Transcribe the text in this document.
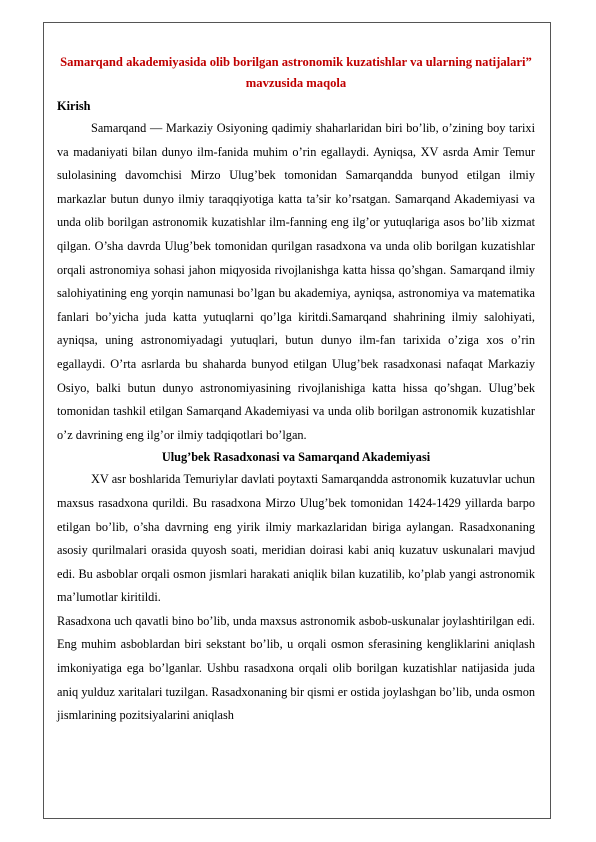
Samarqand akademiyasida olib borilgan astronomik kuzatishlar va ularning natijalari” mavzusida maqola
Kirish

Samarqand — Markaziy Osiyoning qadimiy shaharlaridan biri bo’lib, o’zining boy tarixi va madaniyati bilan dunyo ilm-fanida muhim o’rin egallaydi. Ayniqsa, XV asrda Amir Temur sulolasining davomchisi Mirzo Ulug’bek tomonidan Samarqandda bunyod etilgan ilmiy markazlar butun dunyo ilmiy taraqqiyotiga katta ta’sir ko’rsatgan. Samarqand Akademiyasi va unda olib borilgan astronomik kuzatishlar ilm-fanning eng ilg’or yutuqlariga asos bo’lib xizmat qilgan. O’sha davrda Ulug’bek tomonidan qurilgan rasadxona va unda olib borilgan kuzatishlar orqali astronomiya sohasi jahon miqyosida rivojlanishga katta hissa qo’shgan. Samarqand ilmiy salohiyatining eng yorqin namunasi bo’lgan bu akademiya, ayniqsa, astronomiya va matematika fanlari bo’yicha juda katta yutuqlarni qo’lga kiritdi.Samarqand shahrining ilmiy salohiyati, ayniqsa, uning astronomiyadagi yutuqlari, butun dunyo ilm-fan tarixida o’ziga xos o’rin egallaydi. O’rta asrlarda bu shaharda bunyod etilgan Ulug’bek rasadxonasi nafaqat Markaziy Osiyo, balki butun dunyo astronomiyasining rivojlanishiga katta hissa qo’shgan. Ulug’bek tomonidan tashkil etilgan Samarqand Akademiyasi va unda olib borilgan astronomik kuzatishlar o’z davrining eng ilg’or ilmiy tadqiqotlari bo’lgan.

Ulug’bek Rasadxonasi va Samarqand Akademiyasi

XV asr boshlarida Temuriylar davlati poytaxti Samarqandda astronomik kuzatuvlar uchun maxsus rasadxona qurildi. Bu rasadxona Mirzo Ulug’bek tomonidan 1424-1429 yillarda barpo etilgan bo’lib, o’sha davrning eng yirik ilmiy markazlaridan biriga aylangan. Rasadxonaning asosiy qurilmalari orasida quyosh soati, meridian doirasi kabi aniq kuzatuv uskunalari mavjud edi. Bu asboblar orqali osmon jismlari harakati aniqlik bilan kuzatilib, ko’plab yangi astronomik ma’lumotlar kiritildi.

Rasadxona uch qavatli bino bo’lib, unda maxsus astronomik asbob-uskunalar joylashtirilgan edi. Eng muhim asboblardan biri sekstant bo’lib, u orqali osmon sferasining kengliklarini aniqlash imkoniyatiga ega bo’lganlar. Ushbu rasadxona orqali olib borilgan kuzatishlar natijasida juda aniq yulduz xaritalari tuzilgan. Rasadxonaning bir qismi er ostida joylashgan bo’lib, unda osmon jismlarining pozitsiyalarini aniqlash
